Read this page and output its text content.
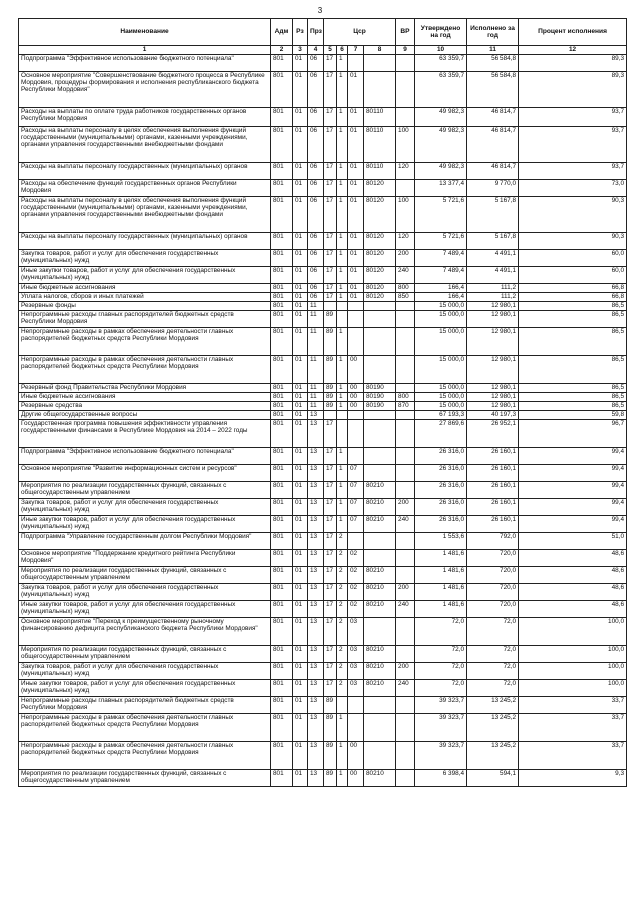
3
Наименование	Адм	Рз	Прз	Цср				ВР	Утверждено на год	Исполнено за год	Процент исполнения
1	2	3	4	5	6	7	8	9	10	11	12
Подпрограмма "Эффективное использование бюджетного потенциала"	801	01	06	17	1				63 359,7	56 584,8	89,3
Основное мероприятие "Совершенствование бюджетного процесса в Республике Мордовия, процедуры формирования и исполнения республиканского бюджета Республики Мордовия"	801	01	06	17	1	01			63 359,7	56 584,8	89,3
Расходы на выплаты по оплате труда работников государственных органов Республики Мордовия	801	01	06	17	1	01	80110		49 982,3	46 814,7	93,7
Расходы на выплаты персоналу в целях обеспечения выполнения функций государственными (муниципальными) органами, казенными учреждениями, органами управления государственными внебюджетными фондами	801	01	06	17	1	01	80110	100	49 982,3	46 814,7	93,7
Расходы на выплаты персоналу государственных (муниципальных) органов	801	01	06	17	1	01	80110	120	49 982,3	46 814,7	93,7
Расходы на обеспечение функций государственных органов Республики Мордовия	801	01	06	17	1	01	80120		13 377,4	9 770,0	73,0
Расходы на выплаты персоналу в целях обеспечения выполнения функций государственными (муниципальными) органами, казенными учреждениями, органами управления государственными внебюджетными фондами	801	01	06	17	1	01	80120	100	5 721,6	5 167,8	90,3
Расходы на выплаты персоналу государственных (муниципальных) органов	801	01	06	17	1	01	80120	120	5 721,6	5 167,8	90,3
Закупка товаров, работ и услуг для обеспечения государственных (муниципальных) нужд	801	01	06	17	1	01	80120	200	7 489,4	4 491,1	60,0
Иные закупки товаров, работ и услуг для обеспечения государственных (муниципальных) нужд	801	01	06	17	1	01	80120	240	7 489,4	4 491,1	60,0
Иные бюджетные ассигнования	801	01	06	17	1	01	80120	800	166,4	111,2	66,8
Уплата налогов, сборов и иных платежей	801	01	06	17	1	01	80120	850	166,4	111,2	66,8
Резервные фонды	801	01	11						15 000,0	12 980,1	86,5
Непрограммные расходы главных распорядителей бюджетных средств Республики Мордовия	801	01	11	89					15 000,0	12 980,1	86,5
Непрограммные расходы в рамках обеспечения деятельности главных распорядителей бюджетных средств Республики Мордовия	801	01	11	89	1				15 000,0	12 980,1	86,5
Непрограммные расходы в рамках обеспечения деятельности главных распорядителей бюджетных средств Республики Мордовия	801	01	11	89	1	00			15 000,0	12 980,1	86,5
Резервный фонд Правительства Республики Мордовия	801	01	11	89	1	00	80190		15 000,0	12 980,1	86,5
Иные бюджетные ассигнования	801	01	11	89	1	00	80190	800	15 000,0	12 980,1	86,5
Резервные средства	801	01	11	89	1	00	80190	870	15 000,0	12 980,1	86,5
Другие общегосударственные вопросы	801	01	13						67 193,3	40 197,3	59,8
Государственная программа повышения эффективности управления государственными финансами в Республике Мордовия на 2014 – 2022 годы	801	01	13	17					27 869,6	26 952,1	96,7
Подпрограмма "Эффективное использование бюджетного потенциала"	801	01	13	17	1				26 316,0	26 160,1	99,4
Основное мероприятие "Развитие информационных систем и ресурсов"	801	01	13	17	1	07			26 316,0	26 160,1	99,4
Мероприятия по реализации государственных функций, связанных с общегосударственным управлением	801	01	13	17	1	07	80210		26 316,0	26 160,1	99,4
Закупка товаров, работ и услуг для обеспечения государственных (муниципальных) нужд	801	01	13	17	1	07	80210	200	26 316,0	26 160,1	99,4
Иные закупки товаров, работ и услуг для обеспечения государственных (муниципальных) нужд	801	01	13	17	1	07	80210	240	26 316,0	26 160,1	99,4
Подпрограмма "Управление государственным долгом Республики Мордовия"	801	01	13	17	2				1 553,6	792,0	51,0
Основное мероприятие "Поддержание кредитного рейтинга Республики Мордовия"	801	01	13	17	2	02			1 481,6	720,0	48,6
Мероприятия по реализации государственных функций, связанных с общегосударственным управлением	801	01	13	17	2	02	80210		1 481,6	720,0	48,6
Закупка товаров, работ и услуг для обеспечения государственных (муниципальных) нужд	801	01	13	17	2	02	80210	200	1 481,6	720,0	48,6
Иные закупки товаров, работ и услуг для обеспечения государственных (муниципальных) нужд	801	01	13	17	2	02	80210	240	1 481,6	720,0	48,6
Основное мероприятие "Переход к преимущественному рыночному финансированию дефицита республиканского бюджета Республики Мордовия"	801	01	13	17	2	03			72,0	72,0	100,0
Мероприятия по реализации государственных функций, связанных с общегосударственным управлением	801	01	13	17	2	03	80210		72,0	72,0	100,0
Закупка товаров, работ и услуг для обеспечения государственных (муниципальных) нужд	801	01	13	17	2	03	80210	200	72,0	72,0	100,0
Иные закупки товаров, работ и услуг для обеспечения государственных (муниципальных) нужд	801	01	13	17	2	03	80210	240	72,0	72,0	100,0
Непрограммные расходы главных распорядителей бюджетных средств Республики Мордовия	801	01	13	89					39 323,7	13 245,2	33,7
Непрограммные расходы в рамках обеспечения деятельности главных распорядителей бюджетных средств Республики Мордовия	801	01	13	89	1				39 323,7	13 245,2	33,7
Непрограммные расходы в рамках обеспечения деятельности главных распорядителей бюджетных средств Республики Мордовия	801	01	13	89	1	00			39 323,7	13 245,2	33,7
Мероприятия по реализации государственных функций, связанных с общегосударственным управлением	801	01	13	89	1	00	80210		6 398,4	594,1	9,3
